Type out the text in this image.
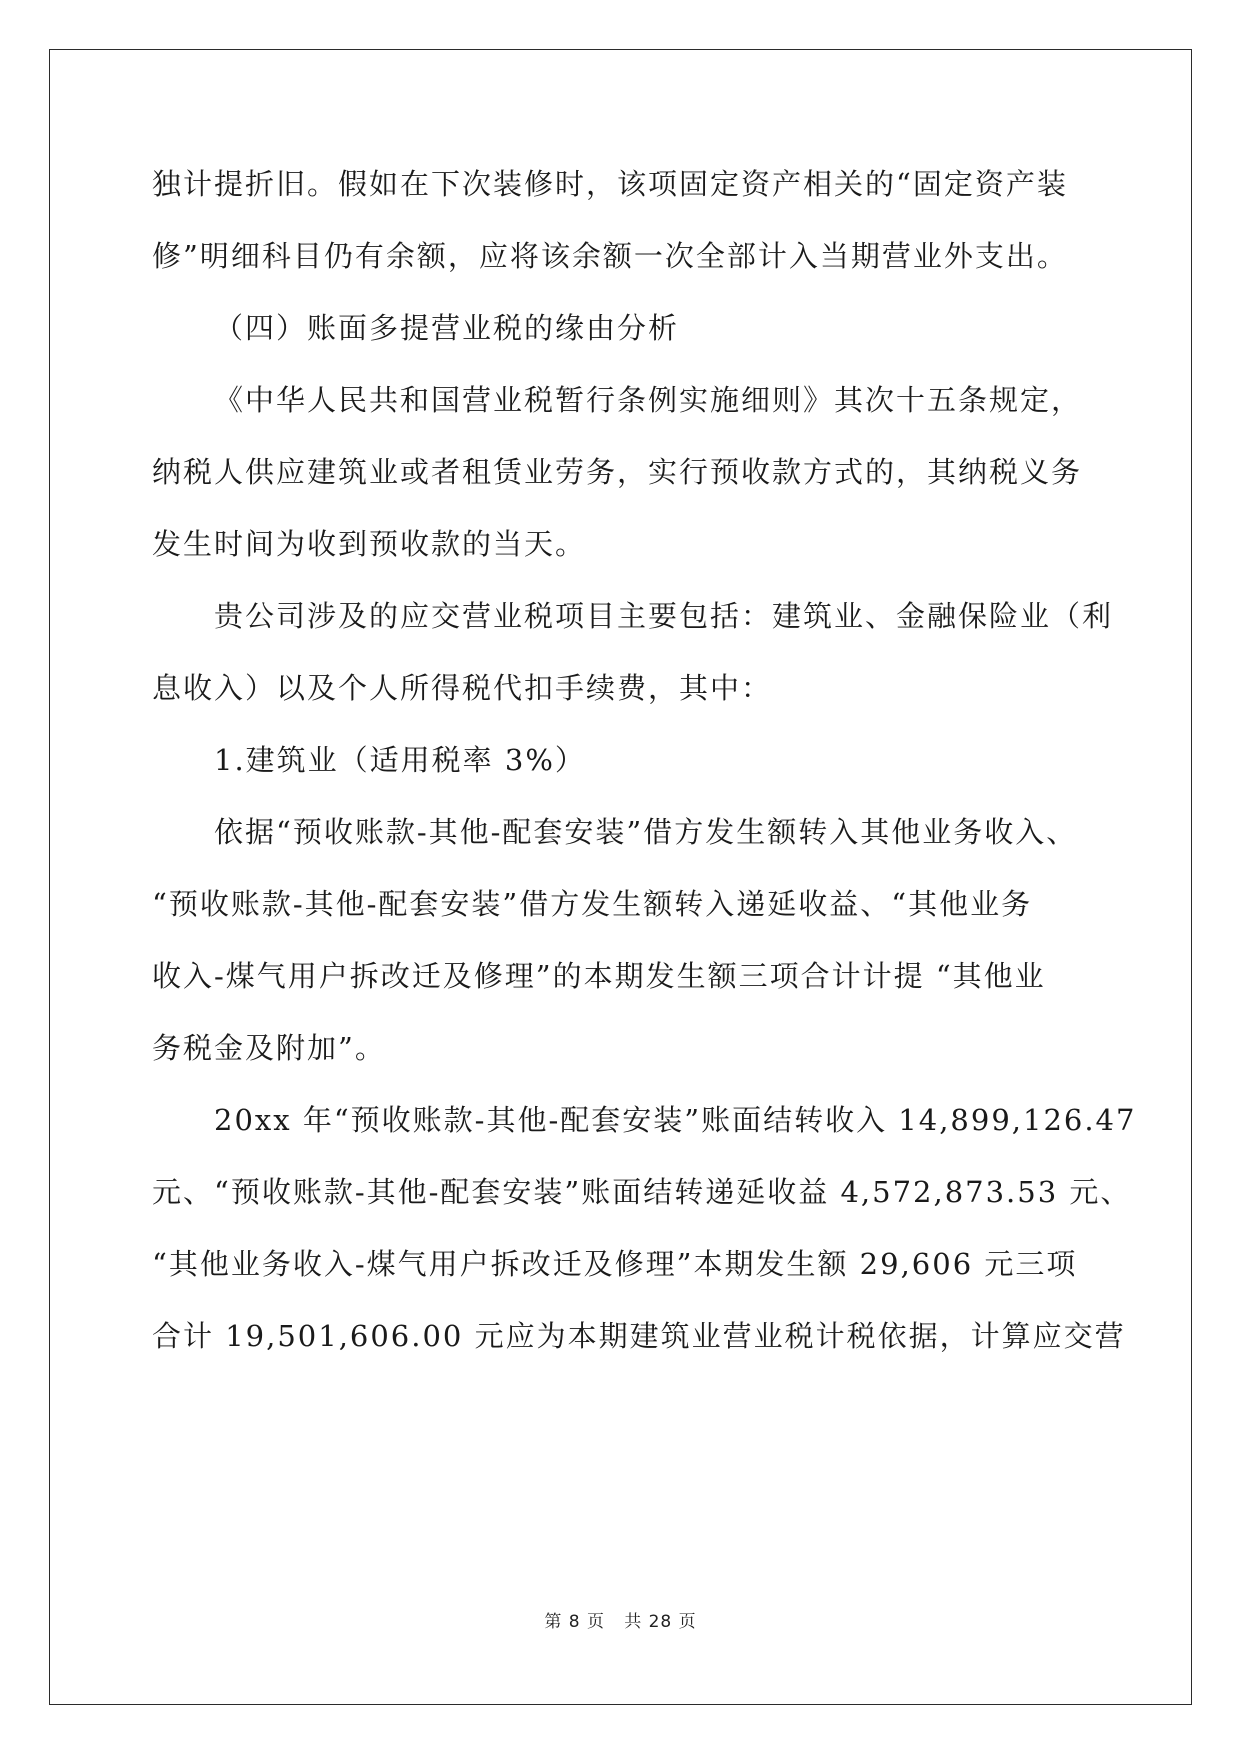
独计提折旧。假如在下次装修时，该项固定资产相关的“固定资产装
修”明细科目仍有余额，应将该余额一次全部计入当期营业外支出。
（四）账面多提营业税的缘由分析
《中华人民共和国营业税暂行条例实施细则》其次十五条规定，
纳税人供应建筑业或者租赁业劳务，实行预收款方式的，其纳税义务
发生时间为收到预收款的当天。
贵公司涉及的应交营业税项目主要包括：建筑业、金融保险业（利
息收入）以及个人所得税代扣手续费，其中：
1.建筑业（适用税率 3%）
依据“预收账款-其他-配套安装”借方发生额转入其他业务收入、
“预收账款-其他-配套安装”借方发生额转入递延收益、“其他业务
收入-煤气用户拆改迁及修理”的本期发生额三项合计计提 “其他业
务税金及附加”。
20xx 年“预收账款-其他-配套安装”账面结转收入 14,899,126.47
元、“预收账款-其他-配套安装”账面结转递延收益 4,572,873.53 元、
“其他业务收入-煤气用户拆改迁及修理”本期发生额 29,606 元三项
合计 19,501,606.00 元应为本期建筑业营业税计税依据，计算应交营
第 8 页   共 28 页
